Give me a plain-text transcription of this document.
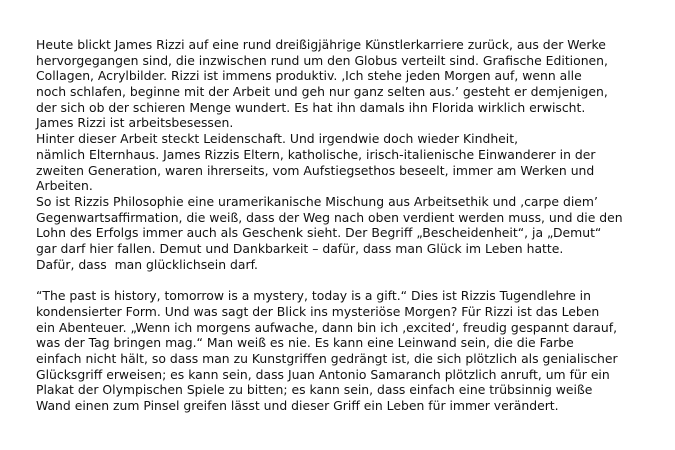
Heute blickt James Rizzi auf eine rund dreißigjährige Künstlerkarriere zurück, aus der Werke
hervorgegangen sind, die inzwischen rund um den Globus verteilt sind. Grafische Editionen,
Collagen, Acrylbilder. Rizzi ist immens produktiv. ‚Ich stehe jeden Morgen auf, wenn alle
noch schlafen, beginne mit der Arbeit und geh nur ganz selten aus.’ gesteht er demjenigen,
der sich ob der schieren Menge wundert. Es hat ihn damals ihn Florida wirklich erwischt.
James Rizzi ist arbeitsbesessen.
Hinter dieser Arbeit steckt Leidenschaft. Und irgendwie doch wieder Kindheit,
nämlich Elternhaus. James Rizzis Eltern, katholische, irisch-italienische Einwanderer in der
zweiten Generation, waren ihrerseits, vom Aufstiegsethos beseelt, immer am Werken und
Arbeiten.
So ist Rizzis Philosophie eine uramerikanische Mischung aus Arbeitsethik und ‚carpe diem’
Gegenwartsaffirmation, die weiß, dass der Weg nach oben verdient werden muss, und die den
Lohn des Erfolgs immer auch als Geschenk sieht. Der Begriff „Bescheidenheit“, ja „Demut“
gar darf hier fallen. Demut und Dankbarkeit – dafür, dass man Glück im Leben hatte.
Dafür, dass  man glücklichsein darf.
“The past is history, tomorrow is a mystery, today is a gift.“ Dies ist Rizzis Tugendlehre in
kondensierter Form. Und was sagt der Blick ins mysteriöse Morgen? Für Rizzi ist das Leben
ein Abenteuer. „Wenn ich morgens aufwache, dann bin ich ‚excited‘, freudig gespannt darauf,
was der Tag bringen mag.“ Man weiß es nie. Es kann eine Leinwand sein, die die Farbe
einfach nicht hält, so dass man zu Kunstgriffen gedrängt ist, die sich plötzlich als genialischer
Glücksgriff erweisen; es kann sein, dass Juan Antonio Samaranch plötzlich anruft, um für ein
Plakat der Olympischen Spiele zu bitten; es kann sein, dass einfach eine trübsinnig weiße
Wand einen zum Pinsel greifen lässt und dieser Griff ein Leben für immer verändert.
